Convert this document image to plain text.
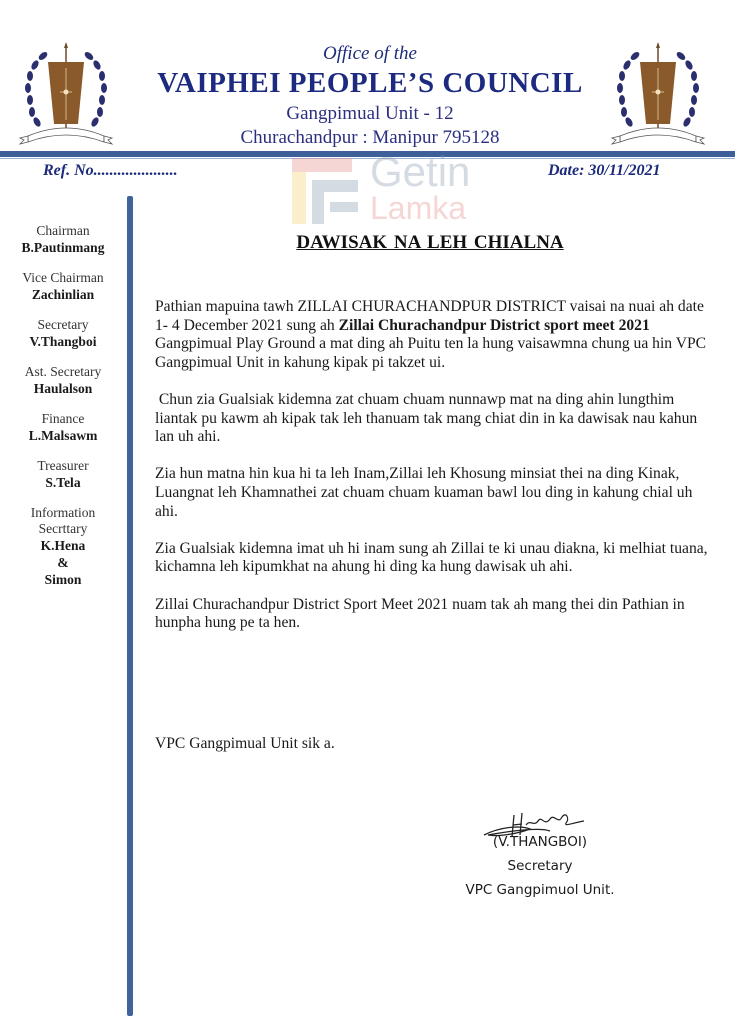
Office of the
VAIPHEI PEOPLE’S COUNCIL
Gangpimual Unit - 12
Churachandpur : Manipur 795128
Getin
Lamka
Ref. No.....................	Date: 30/11/2021
Chairman
B.Pautinmang
Vice Chairman
Zachinlian
Secretary
V.Thangboi
Ast. Secretary
Haulalson
Finance
L.Malsawm
Treasurer
S.Tela
Information Secrttary
K.Hena
&
Simon
DAWISAK NA LEH CHIALNA

Pathian mapuina tawh ZILLAI CHURACHANDPUR DISTRICT vaisai na nuai ah date 1- 4 December 2021 sung ah Zillai Churachandpur District sport meet 2021 Gangpimual Play Ground a mat ding ah Puitu ten la hung vaisawmna chung ua hin VPC Gangpimual Unit in kahung kipak pi takzet ui.

Chun zia Gualsiak kidemna zat chuam chuam nunnawp mat na ding ahin lungthim liantak pu kawm ah kipak tak leh thanuam tak mang chiat din in ka dawisak nau kahun lan uh ahi.

Zia hun matna hin kua hi ta leh Inam,Zillai leh Khosung minsiat thei na ding Kinak, Luangnat leh Khamnathei zat chuam chuam kuaman bawl lou ding in kahung chial uh ahi.

Zia Gualsiak kidemna imat uh hi inam sung ah Zillai te ki unau diakna, ki melhiat tuana, kichamna leh kipumkhat na ahung hi ding ka hung dawisak uh ahi.

Zillai Churachandpur District Sport Meet 2021 nuam tak ah mang thei din Pathian in hunpha hung pe ta hen.

VPC Gangpimual Unit sik a.
(V.THANGBOI)
Secretary
VPC Gangpimuol Unit.
